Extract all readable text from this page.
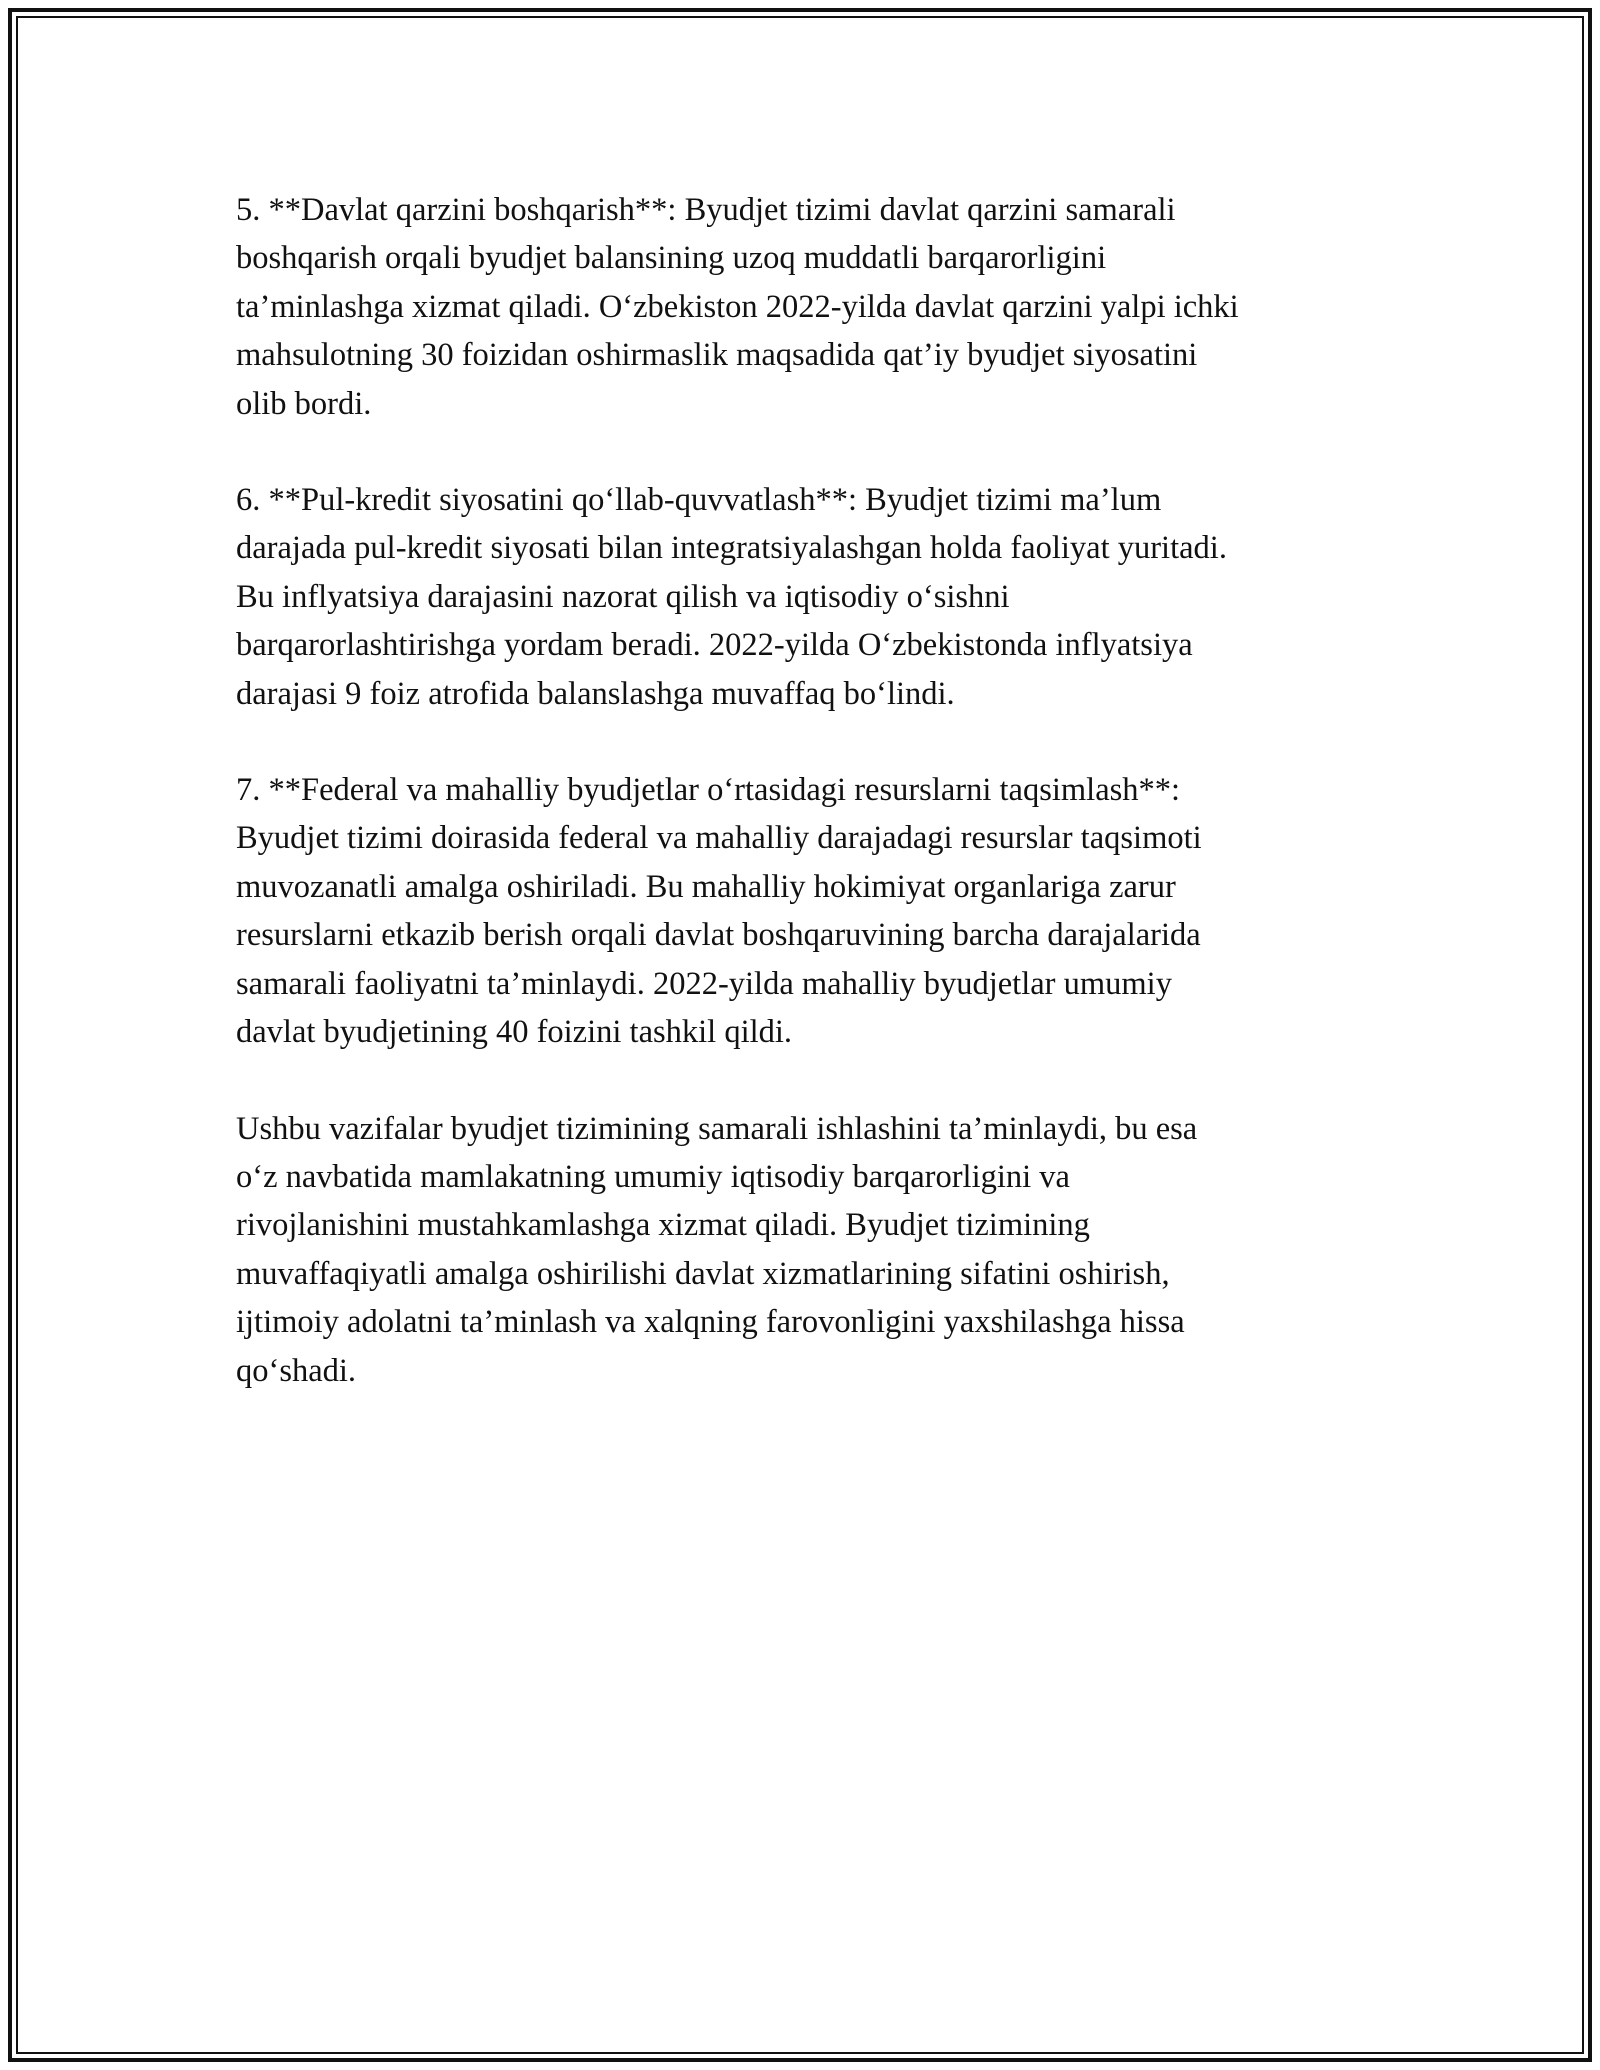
5. **Davlat qarzini boshqarish**: Byudjet tizimi davlat qarzini samarali
boshqarish orqali byudjet balansining uzoq muddatli barqarorligini
ta’minlashga xizmat qiladi. O‘zbekiston 2022-yilda davlat qarzini yalpi ichki
mahsulotning 30 foizidan oshirmaslik maqsadida qat’iy byudjet siyosatini
olib bordi.

6. **Pul-kredit siyosatini qo‘llab-quvvatlash**: Byudjet tizimi ma’lum
darajada pul-kredit siyosati bilan integratsiyalashgan holda faoliyat yuritadi.
Bu inflyatsiya darajasini nazorat qilish va iqtisodiy o‘sishni
barqarorlashtirishga yordam beradi. 2022-yilda O‘zbekistonda inflyatsiya
darajasi 9 foiz atrofida balanslashga muvaffaq bo‘lindi.

7. **Federal va mahalliy byudjetlar o‘rtasidagi resurslarni taqsimlash**:
Byudjet tizimi doirasida federal va mahalliy darajadagi resurslar taqsimoti
muvozanatli amalga oshiriladi. Bu mahalliy hokimiyat organlariga zarur
resurslarni etkazib berish orqali davlat boshqaruvining barcha darajalarida
samarali faoliyatni ta’minlaydi. 2022-yilda mahalliy byudjetlar umumiy
davlat byudjetining 40 foizini tashkil qildi.

Ushbu vazifalar byudjet tizimining samarali ishlashini ta’minlaydi, bu esa
o‘z navbatida mamlakatning umumiy iqtisodiy barqarorligini va
rivojlanishini mustahkamlashga xizmat qiladi. Byudjet tizimining
muvaffaqiyatli amalga oshirilishi davlat xizmatlarining sifatini oshirish,
ijtimoiy adolatni ta’minlash va xalqning farovonligini yaxshilashga hissa
qo‘shadi.
